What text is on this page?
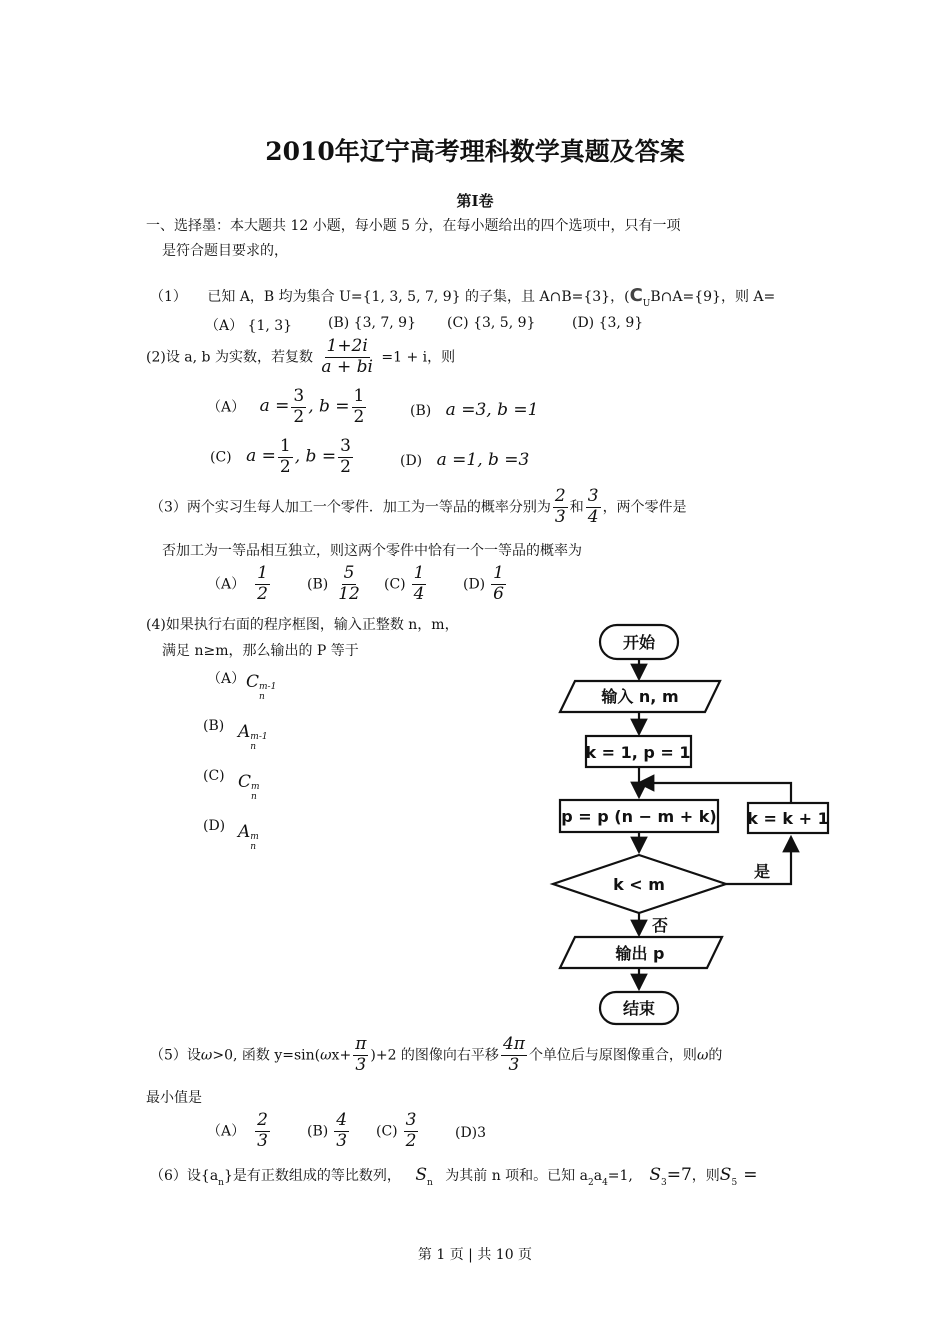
2010年辽宁高考理科数学真题及答案
第Ⅰ卷
一、选择墨：本大题共 12 小题，每小题 5 分，在每小题给出的四个选项中，只有一项
是符合题目要求的，
（1） 已知 A，B 均为集合 U={1, 3, 5, 7, 9} 的子集，且 A∩B={3}，($C_UB\cap A=\{9\}$，则 A=
（A） {1, 3}	(B) {3, 7, 9} (C) {3, 5, 9}	(D) {3, 9}
(2)设 a, b 为实数，若复数 $\frac{1+2i}{a + bi} =1 + i$，则
（A） $a = \frac{3}{2}$ , $b = \frac{1}{2}$	(B) a =3, b =1
(C) $a = \frac{1}{2}$ , $b = \frac{3}{2}$	(D) a =1, b =3
（3）两个实习生每人加工一个零件．加工为一等品的概率分别为 $\frac{2}{3}$ 和 $\frac{3}{4}$ ，两个零件是
否加工为一等品相互独立，则这两个零件中恰有一个一等品的概率为
$(A) \frac{1}{2}$	$(B) \frac{5}{12} (C) \frac{1}{4}$	$(D) \frac{1}{6}$
(4)如果执行右面的程序框图，输入正整数 n，m，
满足 n≥m，那么输出的 P 等于
（A） C m-1
n
(B) A m-1
n
(C) C m
n
(D) A m
n
开始
输入 n, m
k = 1, p = 1
p = p (n − m + k) k = k + 1
k < m
是
否
输出 p
结束
（5）设ω>0, 函数 $y=\sin(\omega x+ \frac{\pi}{3} )+2$ 的图像向右平移 $\frac{4\pi}{3}$ 个单位后与原图像重合，则ω的
最小值是
$(A) \frac{2}{3}$	$(B) \frac{4}{3} (C) \frac{3}{2}$	(D)3
（6）设$\{a_n\}$是有正数组成的等比数列， $S_n$ 为其前 n 项和。已知 $a_2a_4=1$, $S_3=7$，则$S_5$ =
第 1 页 | 共 10 页
